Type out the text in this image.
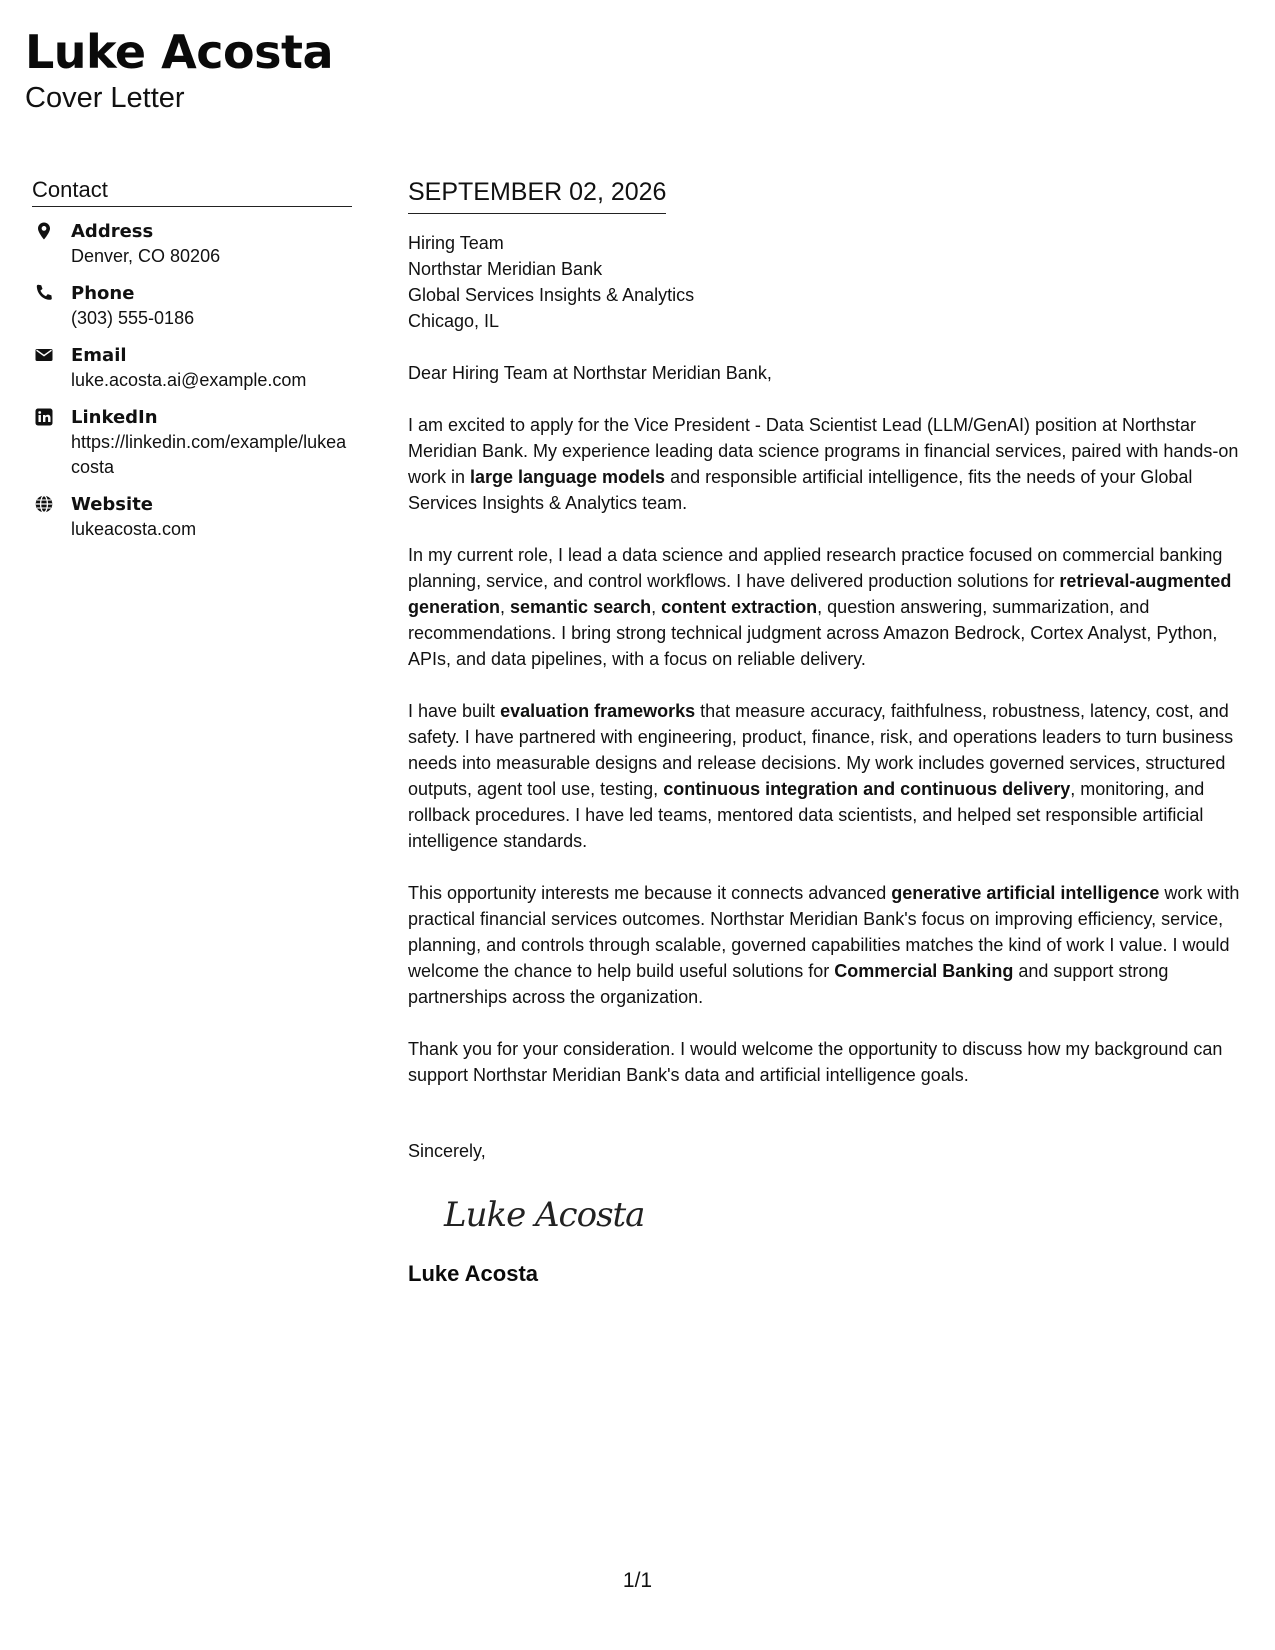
Luke Acosta
Cover Letter
Contact
Address
Denver, CO 80206
Phone
(303) 555-0186
Email
luke.acosta.ai@example.com
LinkedIn
https://linkedin.com/example/lukeacosta
Website
lukeacosta.com
SEPTEMBER 02, 2026
Hiring Team
Northstar Meridian Bank
Global Services Insights & Analytics
Chicago, IL
Dear Hiring Team at Northstar Meridian Bank,
I am excited to apply for the Vice President - Data Scientist Lead (LLM/GenAI) position at Northstar Meridian Bank. My experience leading data science programs in financial services, paired with hands-on work in large language models and responsible artificial intelligence, fits the needs of your Global Services Insights & Analytics team.
In my current role, I lead a data science and applied research practice focused on commercial banking planning, service, and control workflows. I have delivered production solutions for retrieval-augmented generation, semantic search, content extraction, question answering, summarization, and recommendations. I bring strong technical judgment across Amazon Bedrock, Cortex Analyst, Python, APIs, and data pipelines, with a focus on reliable delivery.
I have built evaluation frameworks that measure accuracy, faithfulness, robustness, latency, cost, and safety. I have partnered with engineering, product, finance, risk, and operations leaders to turn business needs into measurable designs and release decisions. My work includes governed services, structured outputs, agent tool use, testing, continuous integration and continuous delivery, monitoring, and rollback procedures. I have led teams, mentored data scientists, and helped set responsible artificial intelligence standards.
This opportunity interests me because it connects advanced generative artificial intelligence work with practical financial services outcomes. Northstar Meridian Bank's focus on improving efficiency, service, planning, and controls through scalable, governed capabilities matches the kind of work I value. I would welcome the chance to help build useful solutions for Commercial Banking and support strong partnerships across the organization.
Thank you for your consideration. I would welcome the opportunity to discuss how my background can support Northstar Meridian Bank's data and artificial intelligence goals.
Sincerely,
Luke Acosta
Luke Acosta
1/1
